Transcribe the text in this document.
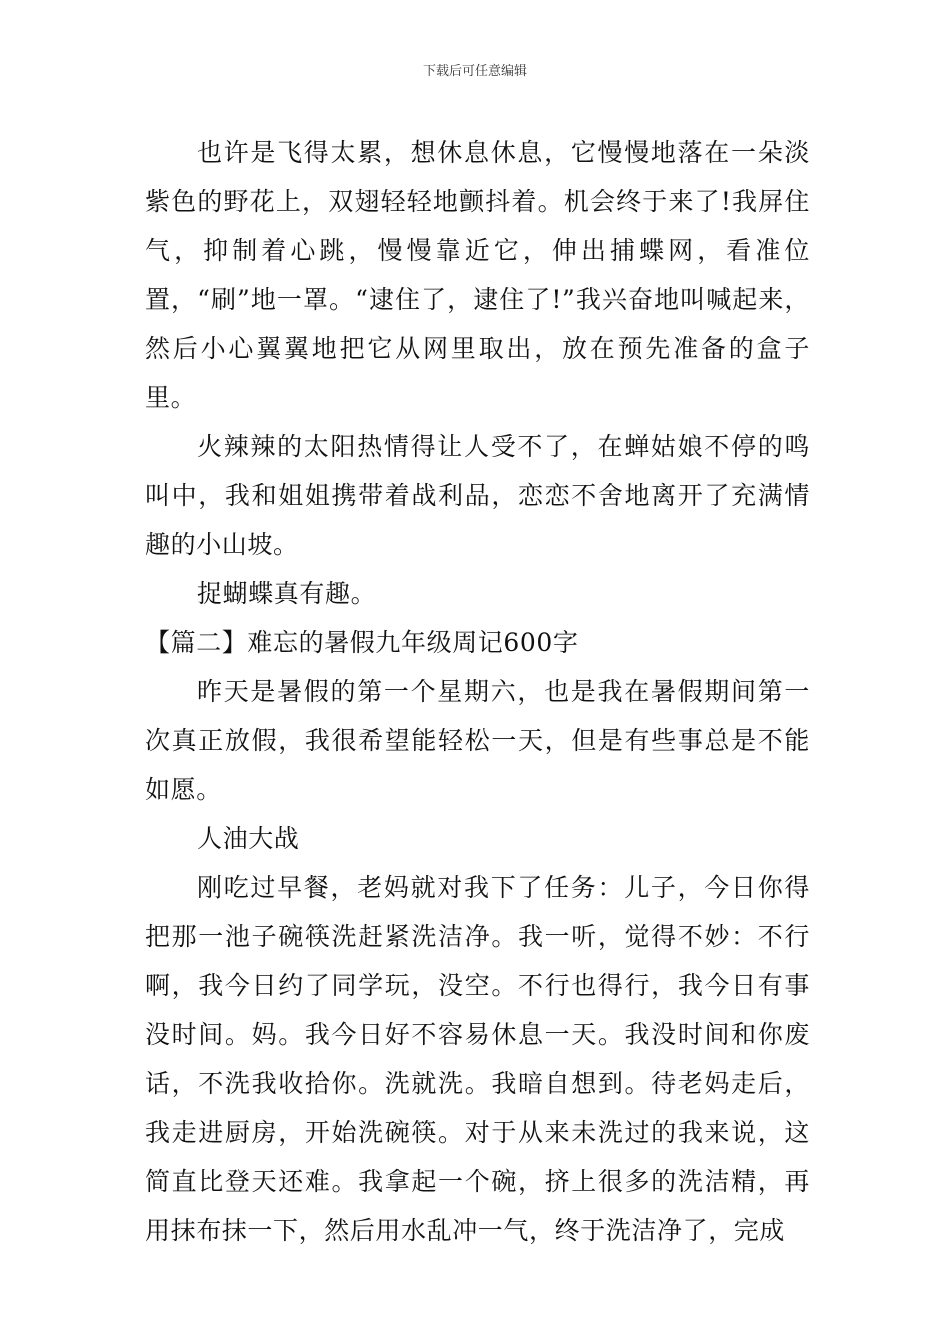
下载后可任意编辑

也许是飞得太累，想休息休息，它慢慢地落在一朵淡紫色的野花上，双翅轻轻地颤抖着。机会终于来了!我屏住气，抑制着心跳，慢慢靠近它，伸出捕蝶网，看准位置，“刷”地一罩。“逮住了，逮住了!”我兴奋地叫喊起来，然后小心翼翼地把它从网里取出，放在预先准备的盒子里。

火辣辣的太阳热情得让人受不了，在蝉姑娘不停的鸣叫中，我和姐姐携带着战利品，恋恋不舍地离开了充满情趣的小山坡。

捉蝴蝶真有趣。

【篇二】难忘的暑假九年级周记600字

昨天是暑假的第一个星期六，也是我在暑假期间第一次真正放假，我很希望能轻松一天，但是有些事总是不能如愿。

人油大战

刚吃过早餐，老妈就对我下了任务：儿子，今日你得把那一池子碗筷洗赶紧洗洁净。我一听，觉得不妙：不行啊，我今日约了同学玩，没空。不行也得行，我今日有事没时间。妈。我今日好不容易休息一天。我没时间和你废话，不洗我收拾你。洗就洗。我暗自想到。待老妈走后，我走进厨房，开始洗碗筷。对于从来未洗过的我来说，这简直比登天还难。我拿起一个碗，挤上很多的洗洁精，再用抹布抹一下，然后用水乱冲一气，终于洗洁净了，完成
